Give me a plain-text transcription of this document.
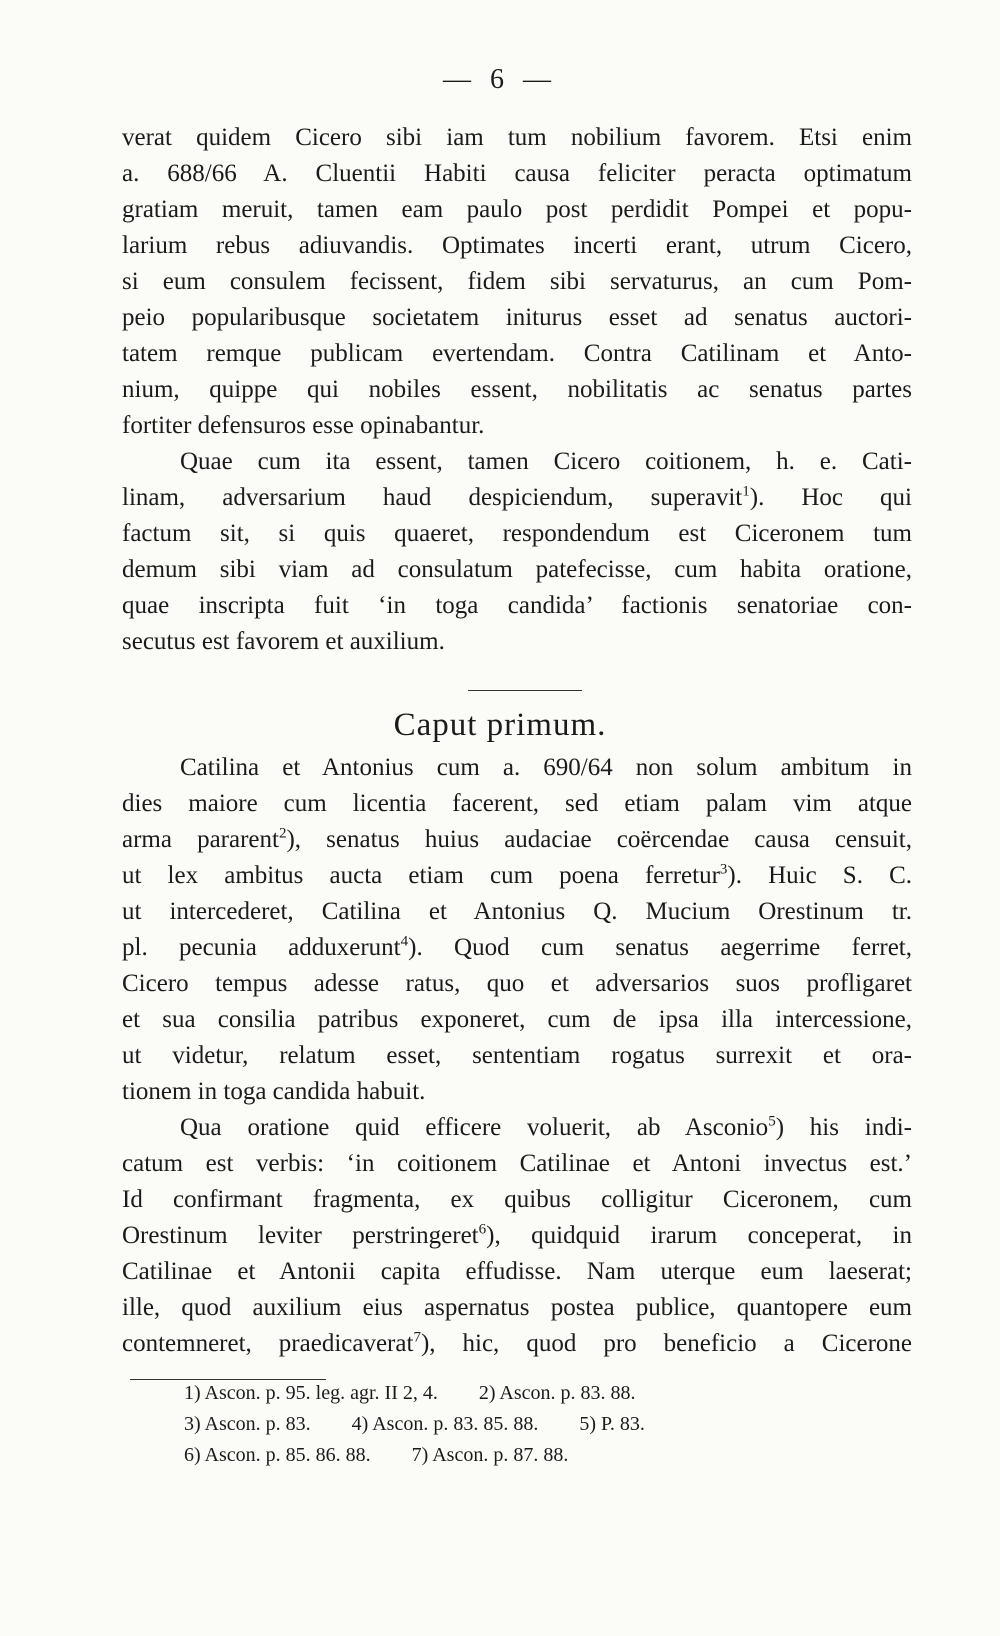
— 6 —
verat quidem Cicero sibi iam tum nobilium favorem. Etsi enim
a. 688/66 A. Cluentii Habiti causa feliciter peracta optimatum
gratiam meruit, tamen eam paulo post perdidit Pompei et popu-
larium rebus adiuvandis. Optimates incerti erant, utrum Cicero,
si eum consulem fecissent, fidem sibi servaturus, an cum Pom-
peio popularibusque societatem initurus esset ad senatus auctori-
tatem remque publicam evertendam. Contra Catilinam et Anto-
nium, quippe qui nobiles essent, nobilitatis ac senatus partes
fortiter defensuros esse opinabantur.
Quae cum ita essent, tamen Cicero coitionem, h. e. Cati-
linam, adversarium haud despiciendum, superavit$^1$). Hoc qui
factum sit, si quis quaeret, respondendum est Ciceronem tum
demum sibi viam ad consulatum patefecisse, cum habita oratione,
quae inscripta fuit ‘in toga candida’ factionis senatoriae con-
secutus est favorem et auxilium.
Caput primum.
Catilina et Antonius cum a. 690/64 non solum ambitum in
dies maiore cum licentia facerent, sed etiam palam vim atque
arma pararent$^2$), senatus huius audaciae coërcendae causa censuit,
ut lex ambitus aucta etiam cum poena ferretur$^3$). Huic S. C.
ut intercederet, Catilina et Antonius Q. Mucium Orestinum tr.
pl. pecunia adduxerunt$^4$). Quod cum senatus aegerrime ferret,
Cicero tempus adesse ratus, quo et adversarios suos profligaret
et sua consilia patribus exponeret, cum de ipsa illa intercessione,
ut videtur, relatum esset, sententiam rogatus surrexit et ora-
tionem in toga candida habuit.
Qua oratione quid efficere voluerit, ab Asconio$^5$) his indi-
catum est verbis: ‘in coitionem Catilinae et Antoni invectus est.’
Id confirmant fragmenta, ex quibus colligitur Ciceronem, cum
Orestinum leviter perstringeret$^6$), quidquid irarum conceperat, in
Catilinae et Antonii capita effudisse. Nam uterque eum laeserat;
ille, quod auxilium eius aspernatus postea publice, quantopere eum
contemneret, praedicaverat$^7$), hic, quod pro beneficio a Cicerone
1) Ascon. p. 95. leg. agr. II 2, 4. 2) Ascon. p. 83. 88.
3) Ascon. p. 83. 4) Ascon. p. 83. 85. 88. 5) P. 83.
6) Ascon. p. 85. 86. 88. 7) Ascon. p. 87. 88.
